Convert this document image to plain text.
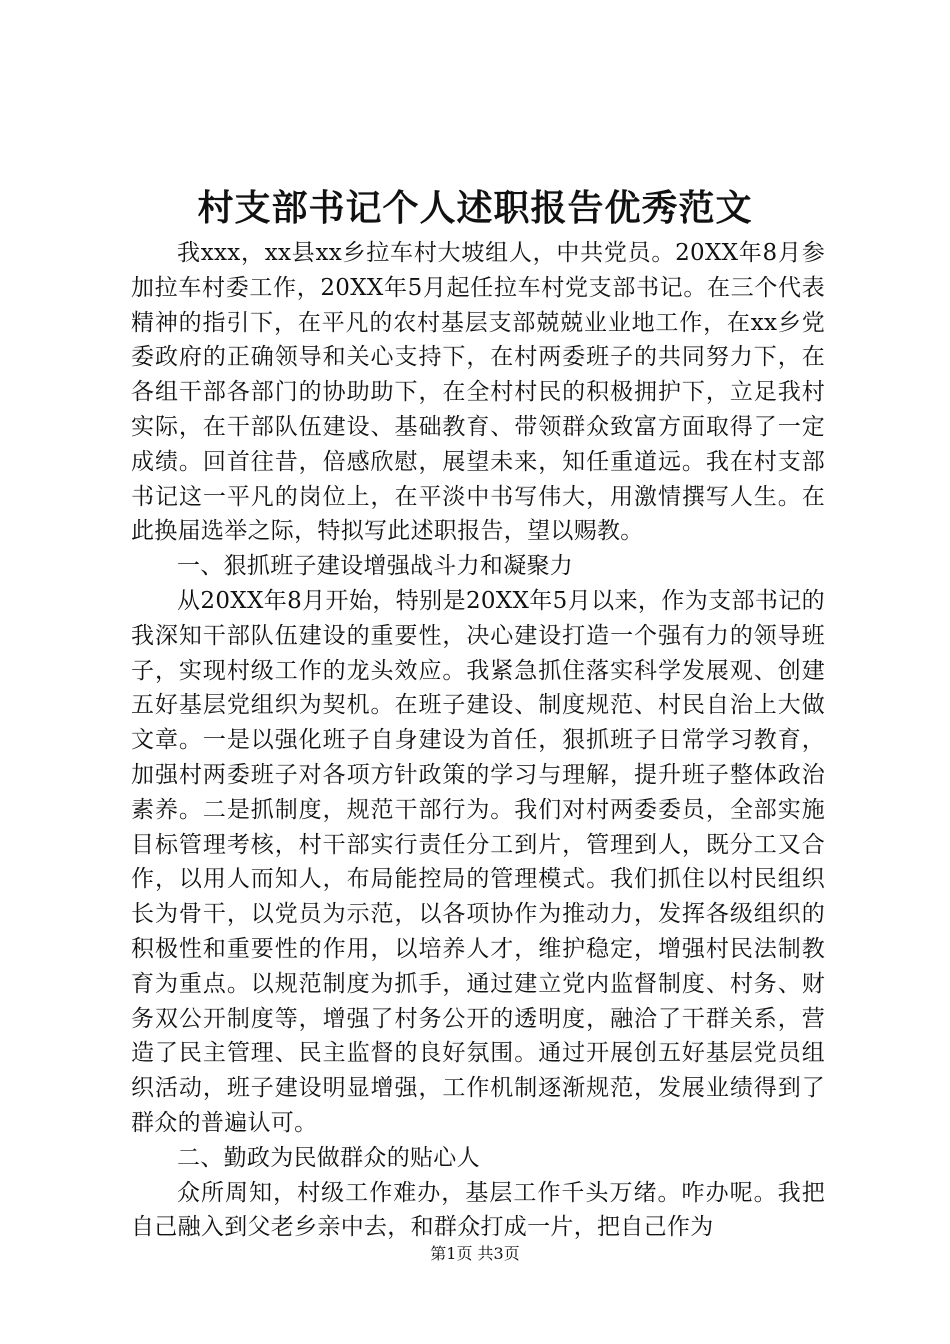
村支部书记个人述职报告优秀范文

我xxx，xx县xx乡拉车村大坡组人，中共党员。20XX年8月参加拉车村委工作，20XX年5月起任拉车村党支部书记。在三个代表精神的指引下，在平凡的农村基层支部兢兢业业地工作，在xx乡党委政府的正确领导和关心支持下，在村两委班子的共同努力下，在各组干部各部门的协助助下，在全村村民的积极拥护下，立足我村实际，在干部队伍建设、基础教育、带领群众致富方面取得了一定成绩。回首往昔，倍感欣慰，展望未来，知任重道远。我在村支部书记这一平凡的岗位上，在平淡中书写伟大，用激情撰写人生。在此换届选举之际，特拟写此述职报告，望以赐教。

一、狠抓班子建设增强战斗力和凝聚力

从20XX年8月开始，特别是20XX年5月以来，作为支部书记的我深知干部队伍建设的重要性，决心建设打造一个强有力的领导班子，实现村级工作的龙头效应。我紧急抓住落实科学发展观、创建五好基层党组织为契机。在班子建设、制度规范、村民自治上大做文章。一是以强化班子自身建设为首任，狠抓班子日常学习教育，加强村两委班子对各项方针政策的学习与理解，提升班子整体政治素养。二是抓制度，规范干部行为。我们对村两委委员，全部实施目标管理考核，村干部实行责任分工到片，管理到人，既分工又合作，以用人而知人，布局能控局的管理模式。我们抓住以村民组织长为骨干，以党员为示范，以各项协作为推动力，发挥各级组织的积极性和重要性的作用，以培养人才，维护稳定，增强村民法制教育为重点。以规范制度为抓手，通过建立党内监督制度、村务、财务双公开制度等，增强了村务公开的透明度，融洽了干群关系，营造了民主管理、民主监督的良好氛围。通过开展创五好基层党员组织活动，班子建设明显增强，工作机制逐渐规范，发展业绩得到了群众的普遍认可。

二、勤政为民做群众的贴心人

众所周知，村级工作难办，基层工作千头万绪。咋办呢。我把自己融入到父老乡亲中去，和群众打成一片，把自己作为

第1页 共3页
